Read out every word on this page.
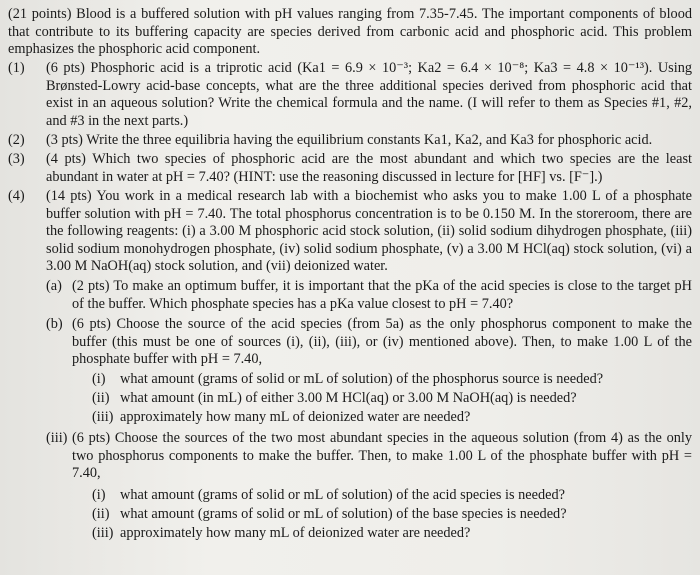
(21 points) Blood is a buffered solution with pH values ranging from 7.35-7.45. The important components of blood that contribute to its buffering capacity are species derived from carbonic acid and phosphoric acid. This problem emphasizes the phosphoric acid component.

(1) (6 pts) Phosphoric acid is a triprotic acid (Ka1 = 6.9 × 10⁻³; Ka2 = 6.4 × 10⁻⁸; Ka3 = 4.8 × 10⁻¹³). Using Brønsted-Lowry acid-base concepts, what are the three additional species derived from phosphoric acid that exist in an aqueous solution? Write the chemical formula and the name. (I will refer to them as Species #1, #2, and #3 in the next parts.)

(2) (3 pts) Write the three equilibria having the equilibrium constants Ka1, Ka2, and Ka3 for phosphoric acid.

(3) (4 pts) Which two species of phosphoric acid are the most abundant and which two species are the least abundant in water at pH = 7.40? (HINT: use the reasoning discussed in lecture for [HF] vs. [F⁻].)

(4) (14 pts) You work in a medical research lab with a biochemist who asks you to make 1.00 L of a phosphate buffer solution with pH = 7.40. The total phosphorus concentration is to be 0.150 M. In the storeroom, there are the following reagents: (i) a 3.00 M phosphoric acid stock solution, (ii) solid sodium dihydrogen phosphate, (iii) solid sodium monohydrogen phosphate, (iv) solid sodium phosphate, (v) a 3.00 M HCl(aq) stock solution, (vi) a 3.00 M NaOH(aq) stock solution, and (vii) deionized water.

(a) (2 pts) To make an optimum buffer, it is important that the pKa of the acid species is close to the target pH of the buffer. Which phosphate species has a pKa value closest to pH = 7.40?

(b) (6 pts) Choose the source of the acid species (from 5a) as the only phosphorus component to make the buffer (this must be one of sources (i), (ii), (iii), or (iv) mentioned above). Then, to make 1.00 L of the phosphate buffer with pH = 7.40,

(i) what amount (grams of solid or mL of solution) of the phosphorus source is needed?

(ii) what amount (in mL) of either 3.00 M HCl(aq) or 3.00 M NaOH(aq) is needed?

(iii) approximately how many mL of deionized water are needed?

(iii) (6 pts) Choose the sources of the two most abundant species in the aqueous solution (from 4) as the only two phosphorus components to make the buffer. Then, to make 1.00 L of the phosphate buffer with pH = 7.40,

(i) what amount (grams of solid or mL of solution) of the acid species is needed?

(ii) what amount (grams of solid or mL of solution) of the base species is needed?

(iii) approximately how many mL of deionized water are needed?
